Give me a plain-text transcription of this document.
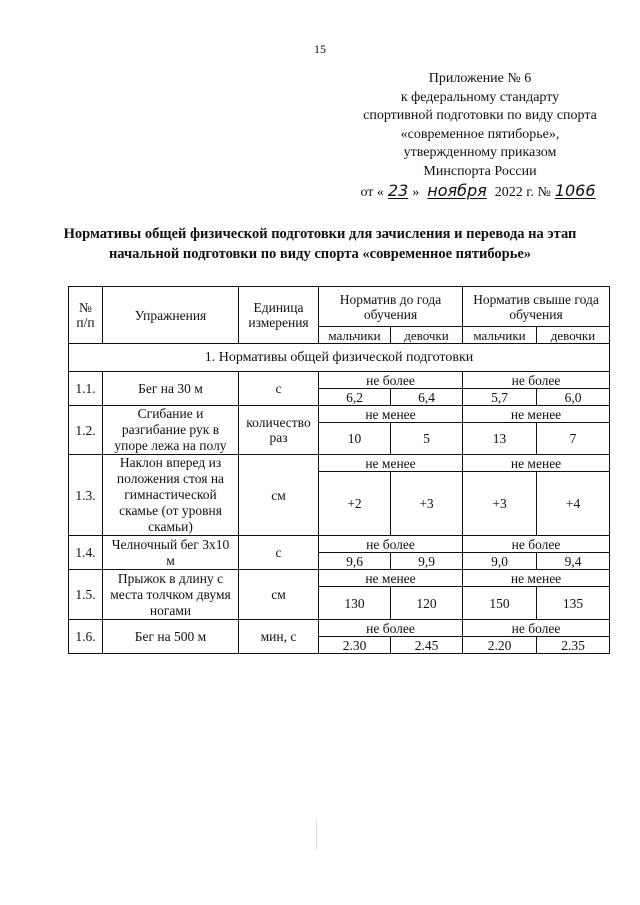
15
Приложение № 6
к федеральному стандарту
спортивной подготовки по виду спорта
«современное пятиборье»,
утвержденному приказом
Минспорта России
от « 23 » ноября 2022 г. № 1066
Нормативы общей физической подготовки для зачисления и перевода на этап
начальной подготовки по виду спорта «современное пятиборье»
№ п/п	Упражнения	Единица измерения	Норматив до года обучения		Норматив свыше года обучения	
			мальчики	девочки	мальчики	девочки
1. Нормативы общей физической подготовки						
1.1.	Бег на 30 м	с	не более		не более	
			6,2	6,4	5,7	6,0
1.2.	Сгибание и разгибание рук в упоре лежа на полу	количество раз	не менее		не менее	
			10	5	13	7
1.3.	Наклон вперед из положения стоя на гимнастической скамье (от уровня скамьи)	см	не менее		не менее	
			+2	+3	+3	+4
1.4.	Челночный бег 3х10 м	с	не более		не более	
			9,6	9,9	9,0	9,4
1.5.	Прыжок в длину с места толчком двумя ногами	см	не менее		не менее	
			130	120	150	135
1.6.	Бег на 500 м	мин, с	не более		не более	
			2.30	2.45	2.20	2.35
